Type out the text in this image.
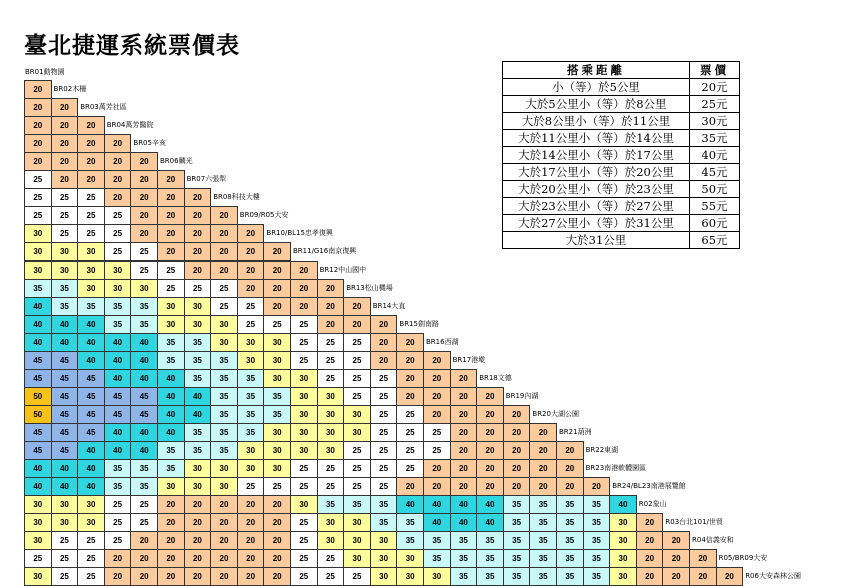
臺北捷運系統票價表
BR01動物園
20	BR02木柵
20	20	BR03萬芳社區
20	20	20	BR04萬芳醫院
20	20	20	20	BR05辛亥
20	20	20	20	20	BR06麟光
25	20	20	20	20	20	BR07六張犁
25	25	25	20	20	20	20	BR08科技大樓
25	25	25	25	20	20	20	20	BR09/R05大安
30	25	25	25	20	20	20	20	20	BR10/BL15忠孝復興
30	30	30	25	25	20	20	20	20	20	BR11/G16南京復興
30	30	30	30	25	25	20	20	20	20	20	BR12中山國中
35	35	30	30	30	25	25	25	20	20	20	20	BR13松山機場
40	35	35	35	35	30	30	25	25	20	20	20	20	BR14大直
40	40	40	35	35	30	30	30	25	25	25	20	20	20	BR15劍南路
40	40	40	40	40	35	35	30	30	30	25	25	25	20	20	BR16西湖
45	45	40	40	40	35	35	35	30	30	25	25	25	20	20	20	BR17港墘
45	45	45	40	40	40	35	35	35	30	30	25	25	25	20	20	20	BR18文德
50	45	45	45	45	40	40	35	35	35	30	30	25	25	20	20	20	20	BR19內湖
50	45	45	45	45	40	40	35	35	35	30	30	30	25	25	20	20	20	20	BR20大湖公園
45	45	45	40	40	40	35	35	35	30	30	30	30	25	25	25	20	20	20	20	BR21葫洲
45	45	40	40	40	35	35	35	30	30	30	30	25	25	25	25	20	20	20	20	20	BR22東湖
40	40	40	35	35	35	30	30	30	30	25	25	25	25	25	20	20	20	20	20	20	BR23南港軟體園區
40	40	40	35	35	30	30	30	25	25	25	25	25	25	20	20	20	20	20	20	20	20	BR24/BL23南港展覽館
30	30	30	25	25	20	20	20	20	20	30	35	35	35	40	40	40	40	35	35	35	35	40	R02象山
30	30	30	25	25	20	20	20	20	20	25	30	30	35	35	40	40	40	35	35	35	35	30	20	R03台北101/世貿
30	25	25	25	20	20	20	20	20	20	25	30	30	30	35	35	35	35	35	35	35	35	30	20	20	R04信義安和
25	25	25	20	20	20	20	20	20	20	25	25	30	30	30	35	35	35	35	35	35	35	30	20	20	20	R05/BR09大安
30	25	25	20	20	20	20	20	20	20	25	25	25	30	30	30	35	35	35	35	35	35	30	20	20	20	20	R06大安森林公園
搭乘距離	票價
小（等）於5公里	20元
大於5公里小（等）於8公里	25元
大於8公里小（等）於11公里	30元
大於11公里小（等）於14公里	35元
大於14公里小（等）於17公里	40元
大於17公里小（等）於20公里	45元
大於20公里小（等）於23公里	50元
大於23公里小（等）於27公里	55元
大於27公里小（等）於31公里	60元
大於31公里	65元
